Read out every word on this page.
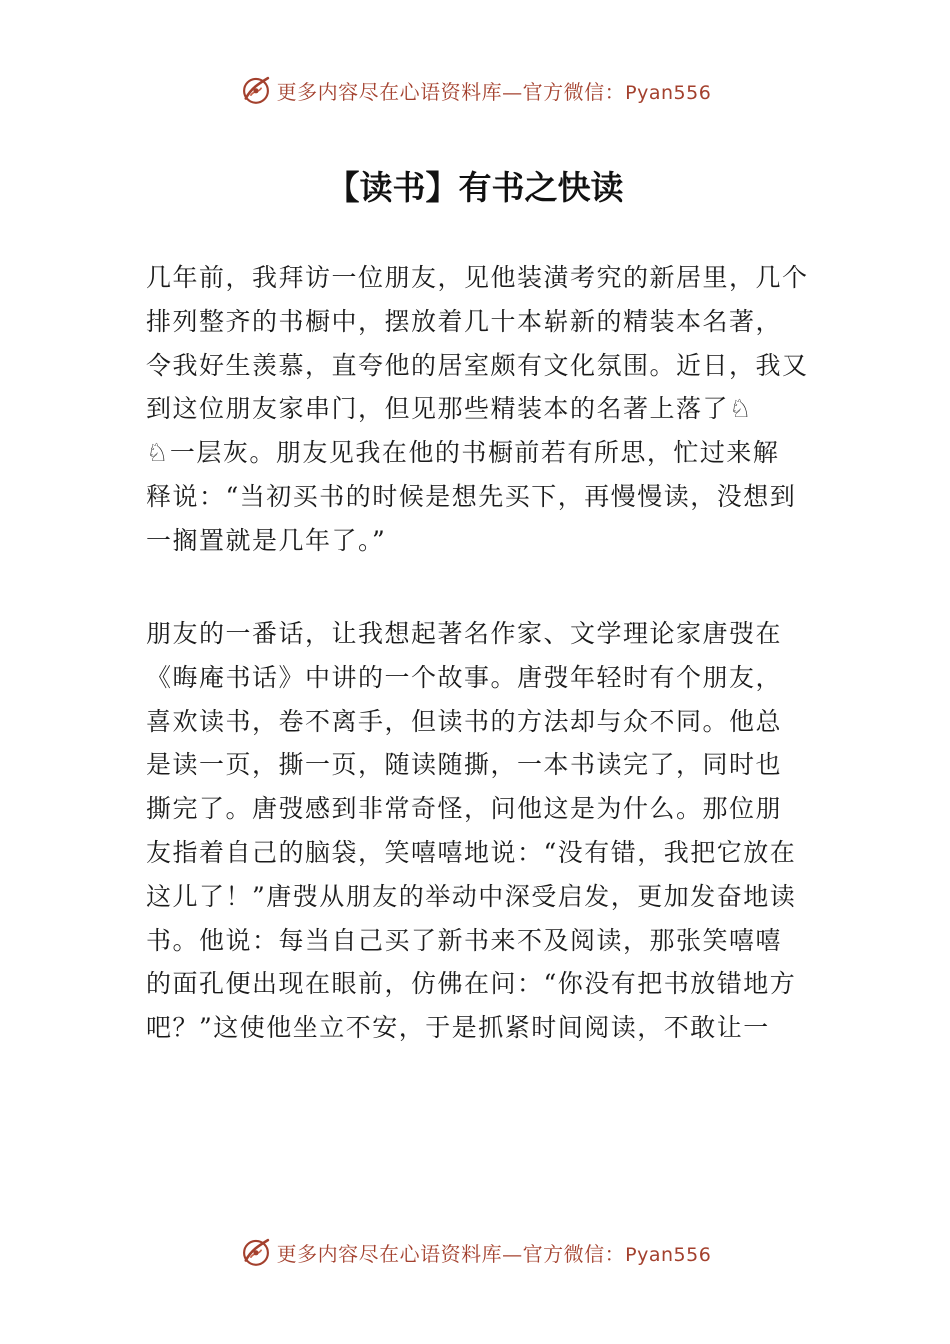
更多内容尽在心语资料库—官方微信：Pyan556
【读书】有书之快读

几年前，我拜访一位朋友，见他装潢考究的新居里，几个
排列整齐的书橱中，摆放着几十本崭新的精装本名著，
令我好生羡慕，直夸他的居室颇有文化氛围。近日，我又
到这位朋友家串门，但见那些精装本的名著上落了♘
♘一层灰。朋友见我在他的书橱前若有所思，忙过来解
释说：“当初买书的时候是想先买下，再慢慢读，没想到
一搁置就是几年了。”

朋友的一番话，让我想起著名作家、文学理论家唐弢在
《晦庵书话》中讲的一个故事。唐弢年轻时有个朋友，
喜欢读书，卷不离手，但读书的方法却与众不同。他总
是读一页，撕一页，随读随撕，一本书读完了，同时也
撕完了。唐弢感到非常奇怪，问他这是为什么。那位朋
友指着自己的脑袋，笑嘻嘻地说：“没有错，我把它放在
这儿了！”唐弢从朋友的举动中深受启发，更加发奋地读
书。他说：每当自己买了新书来不及阅读，那张笑嘻嘻
的面孔便出现在眼前，仿佛在问：“你没有把书放错地方
吧？”这使他坐立不安，于是抓紧时间阅读，不敢让一

更多内容尽在心语资料库—官方微信：Pyan556
